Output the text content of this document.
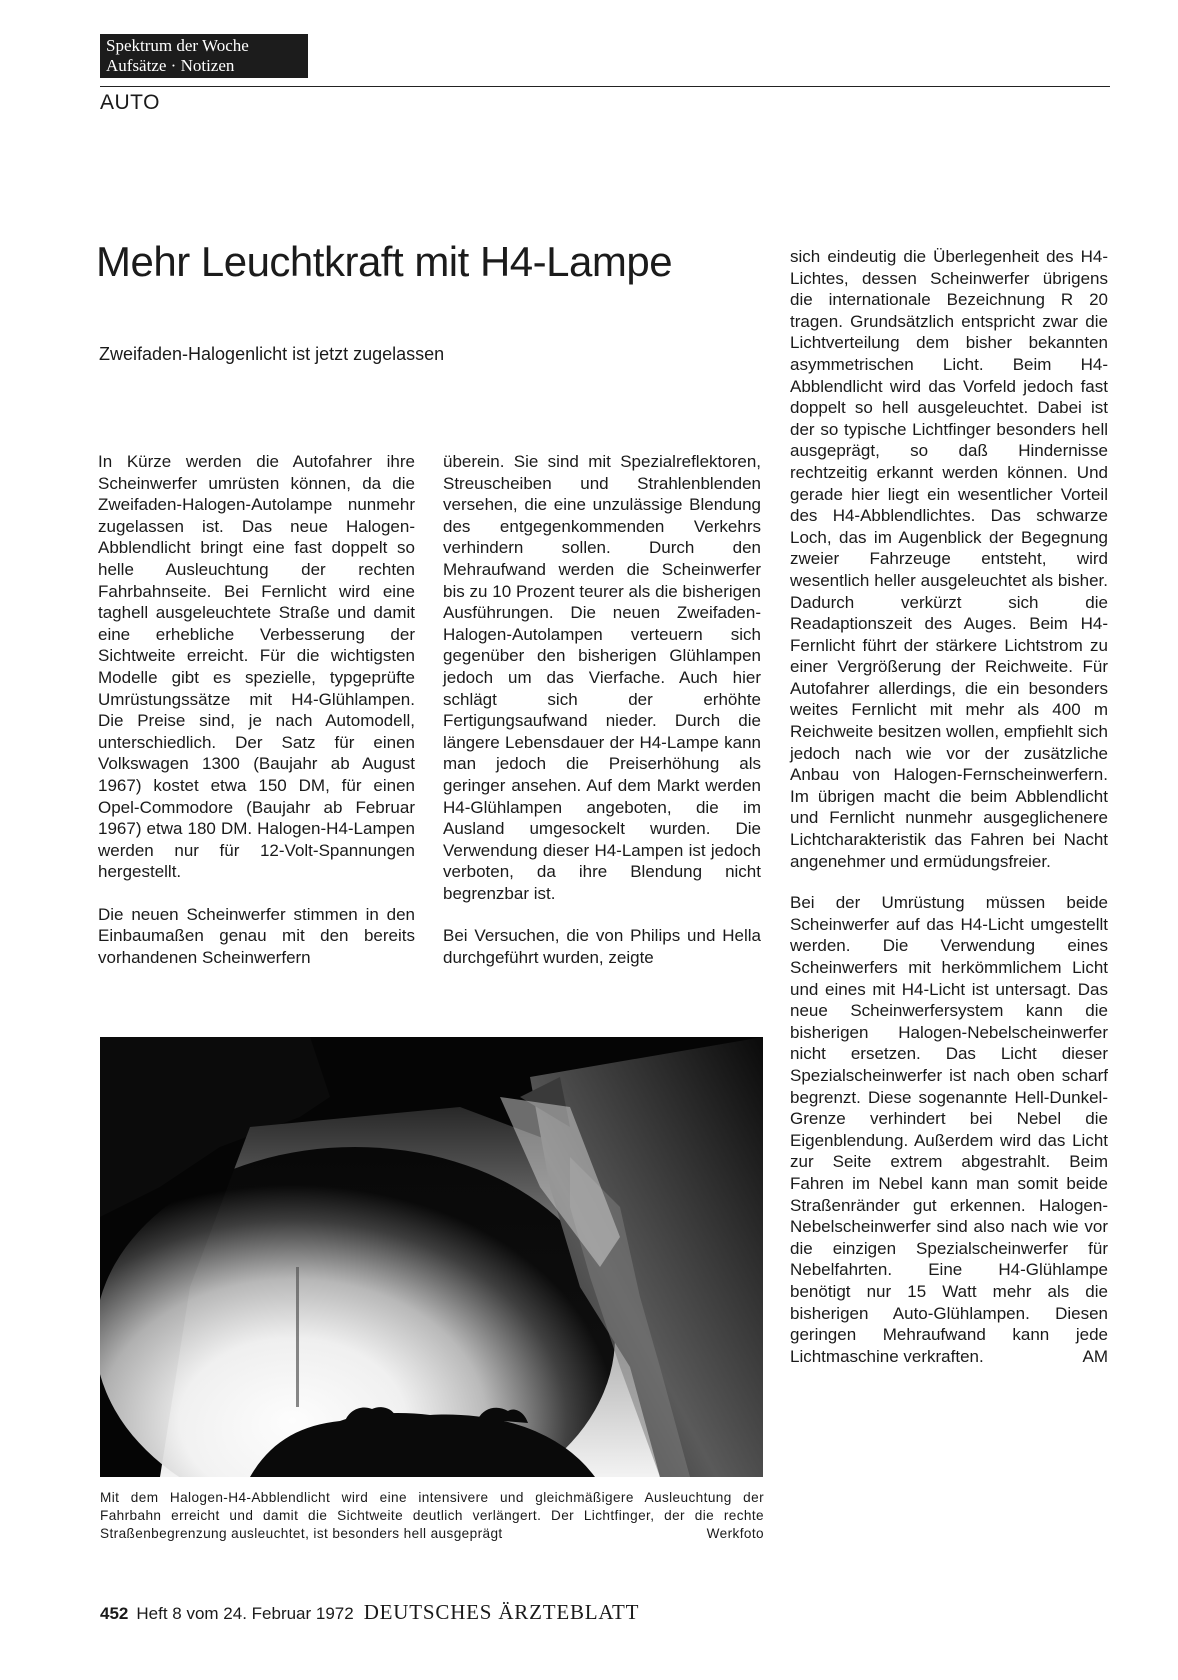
Spektrum der Woche
Aufsätze · Notizen
AUTO
Mehr Leuchtkraft mit H4-Lampe
Zweifaden-Halogenlicht ist jetzt zugelassen

In Kürze werden die Autofahrer ihre Scheinwerfer umrüsten können, da die Zweifaden-Halogen-Autolampe nunmehr zugelassen ist. Das neue Halogen-Abblendlicht bringt eine fast doppelt so helle Ausleuchtung der rechten Fahrbahnseite. Bei Fernlicht wird eine taghell ausgeleuchtete Straße und damit eine erhebliche Verbesserung der Sichtweite erreicht. Für die wichtigsten Modelle gibt es spezielle, typgeprüfte Umrüstungssätze mit H4-Glühlampen. Die Preise sind, je nach Automodell, unterschiedlich. Der Satz für einen Volkswagen 1300 (Baujahr ab August 1967) kostet etwa 150 DM, für einen Opel-Commodore (Baujahr ab Februar 1967) etwa 180 DM. Halogen-H4-Lampen werden nur für 12-Volt-Spannungen hergestellt.

Die neuen Scheinwerfer stimmen in den Einbaumaßen genau mit den bereits vorhandenen Scheinwerfern

überein. Sie sind mit Spezialreflektoren, Streuscheiben und Strahlenblenden versehen, die eine unzulässige Blendung des entgegenkommenden Verkehrs verhindern sollen. Durch den Mehraufwand werden die Scheinwerfer bis zu 10 Prozent teurer als die bisherigen Ausführungen. Die neuen Zweifaden-Halogen-Autolampen verteuern sich gegenüber den bisherigen Glühlampen jedoch um das Vierfache. Auch hier schlägt sich der erhöhte Fertigungsaufwand nieder. Durch die längere Lebensdauer der H4-Lampe kann man jedoch die Preiserhöhung als geringer ansehen. Auf dem Markt werden H4-Glühlampen angeboten, die im Ausland umgesockelt wurden. Die Verwendung dieser H4-Lampen ist jedoch verboten, da ihre Blendung nicht begrenzbar ist.

Bei Versuchen, die von Philips und Hella durchgeführt wurden, zeigte

sich eindeutig die Überlegenheit des H4-Lichtes, dessen Scheinwerfer übrigens die internationale Bezeichnung R 20 tragen. Grundsätzlich entspricht zwar die Lichtverteilung dem bisher bekannten asymmetrischen Licht. Beim H4-Abblendlicht wird das Vorfeld jedoch fast doppelt so hell ausgeleuchtet. Dabei ist der so typische Lichtfinger besonders hell ausgeprägt, so daß Hindernisse rechtzeitig erkannt werden können. Und gerade hier liegt ein wesentlicher Vorteil des H4-Abblendlichtes. Das schwarze Loch, das im Augenblick der Begegnung zweier Fahrzeuge entsteht, wird wesentlich heller ausgeleuchtet als bisher. Dadurch verkürzt sich die Readaptionszeit des Auges. Beim H4-Fernlicht führt der stärkere Lichtstrom zu einer Vergrößerung der Reichweite. Für Autofahrer allerdings, die ein besonders weites Fernlicht mit mehr als 400 m Reichweite besitzen wollen, empfiehlt sich jedoch nach wie vor der zusätzliche Anbau von Halogen-Fernscheinwerfern. Im übrigen macht die beim Abblendlicht und Fernlicht nunmehr ausgeglichenere Lichtcharakteristik das Fahren bei Nacht angenehmer und ermüdungsfreier.

Bei der Umrüstung müssen beide Scheinwerfer auf das H4-Licht umgestellt werden. Die Verwendung eines Scheinwerfers mit herkömmlichem Licht und eines mit H4-Licht ist untersagt. Das neue Scheinwerfersystem kann die bisherigen Halogen-Nebelscheinwerfer nicht ersetzen. Das Licht dieser Spezialscheinwerfer ist nach oben scharf begrenzt. Diese sogenannte Hell-Dunkel-Grenze verhindert bei Nebel die Eigenblendung. Außerdem wird das Licht zur Seite extrem abgestrahlt. Beim Fahren im Nebel kann man somit beide Straßenränder gut erkennen. Halogen-Nebelscheinwerfer sind also nach wie vor die einzigen Spezialscheinwerfer für Nebelfahrten. Eine H4-Glühlampe benötigt nur 15 Watt mehr als die bisherigen Auto-Glühlampen. Diesen geringen Mehraufwand kann jede Lichtmaschine verkraften.	AM

Mit dem Halogen-H4-Abblendlicht wird eine intensivere und gleichmäßigere Ausleuchtung der Fahrbahn erreicht und damit die Sichtweite deutlich verlängert. Der Lichtfinger, der die rechte Straßenbegrenzung ausleuchtet, ist besonders hell ausgeprägt	Werkfoto
452 Heft 8 vom 24. Februar 1972 DEUTSCHES ÄRZTEBLATT
